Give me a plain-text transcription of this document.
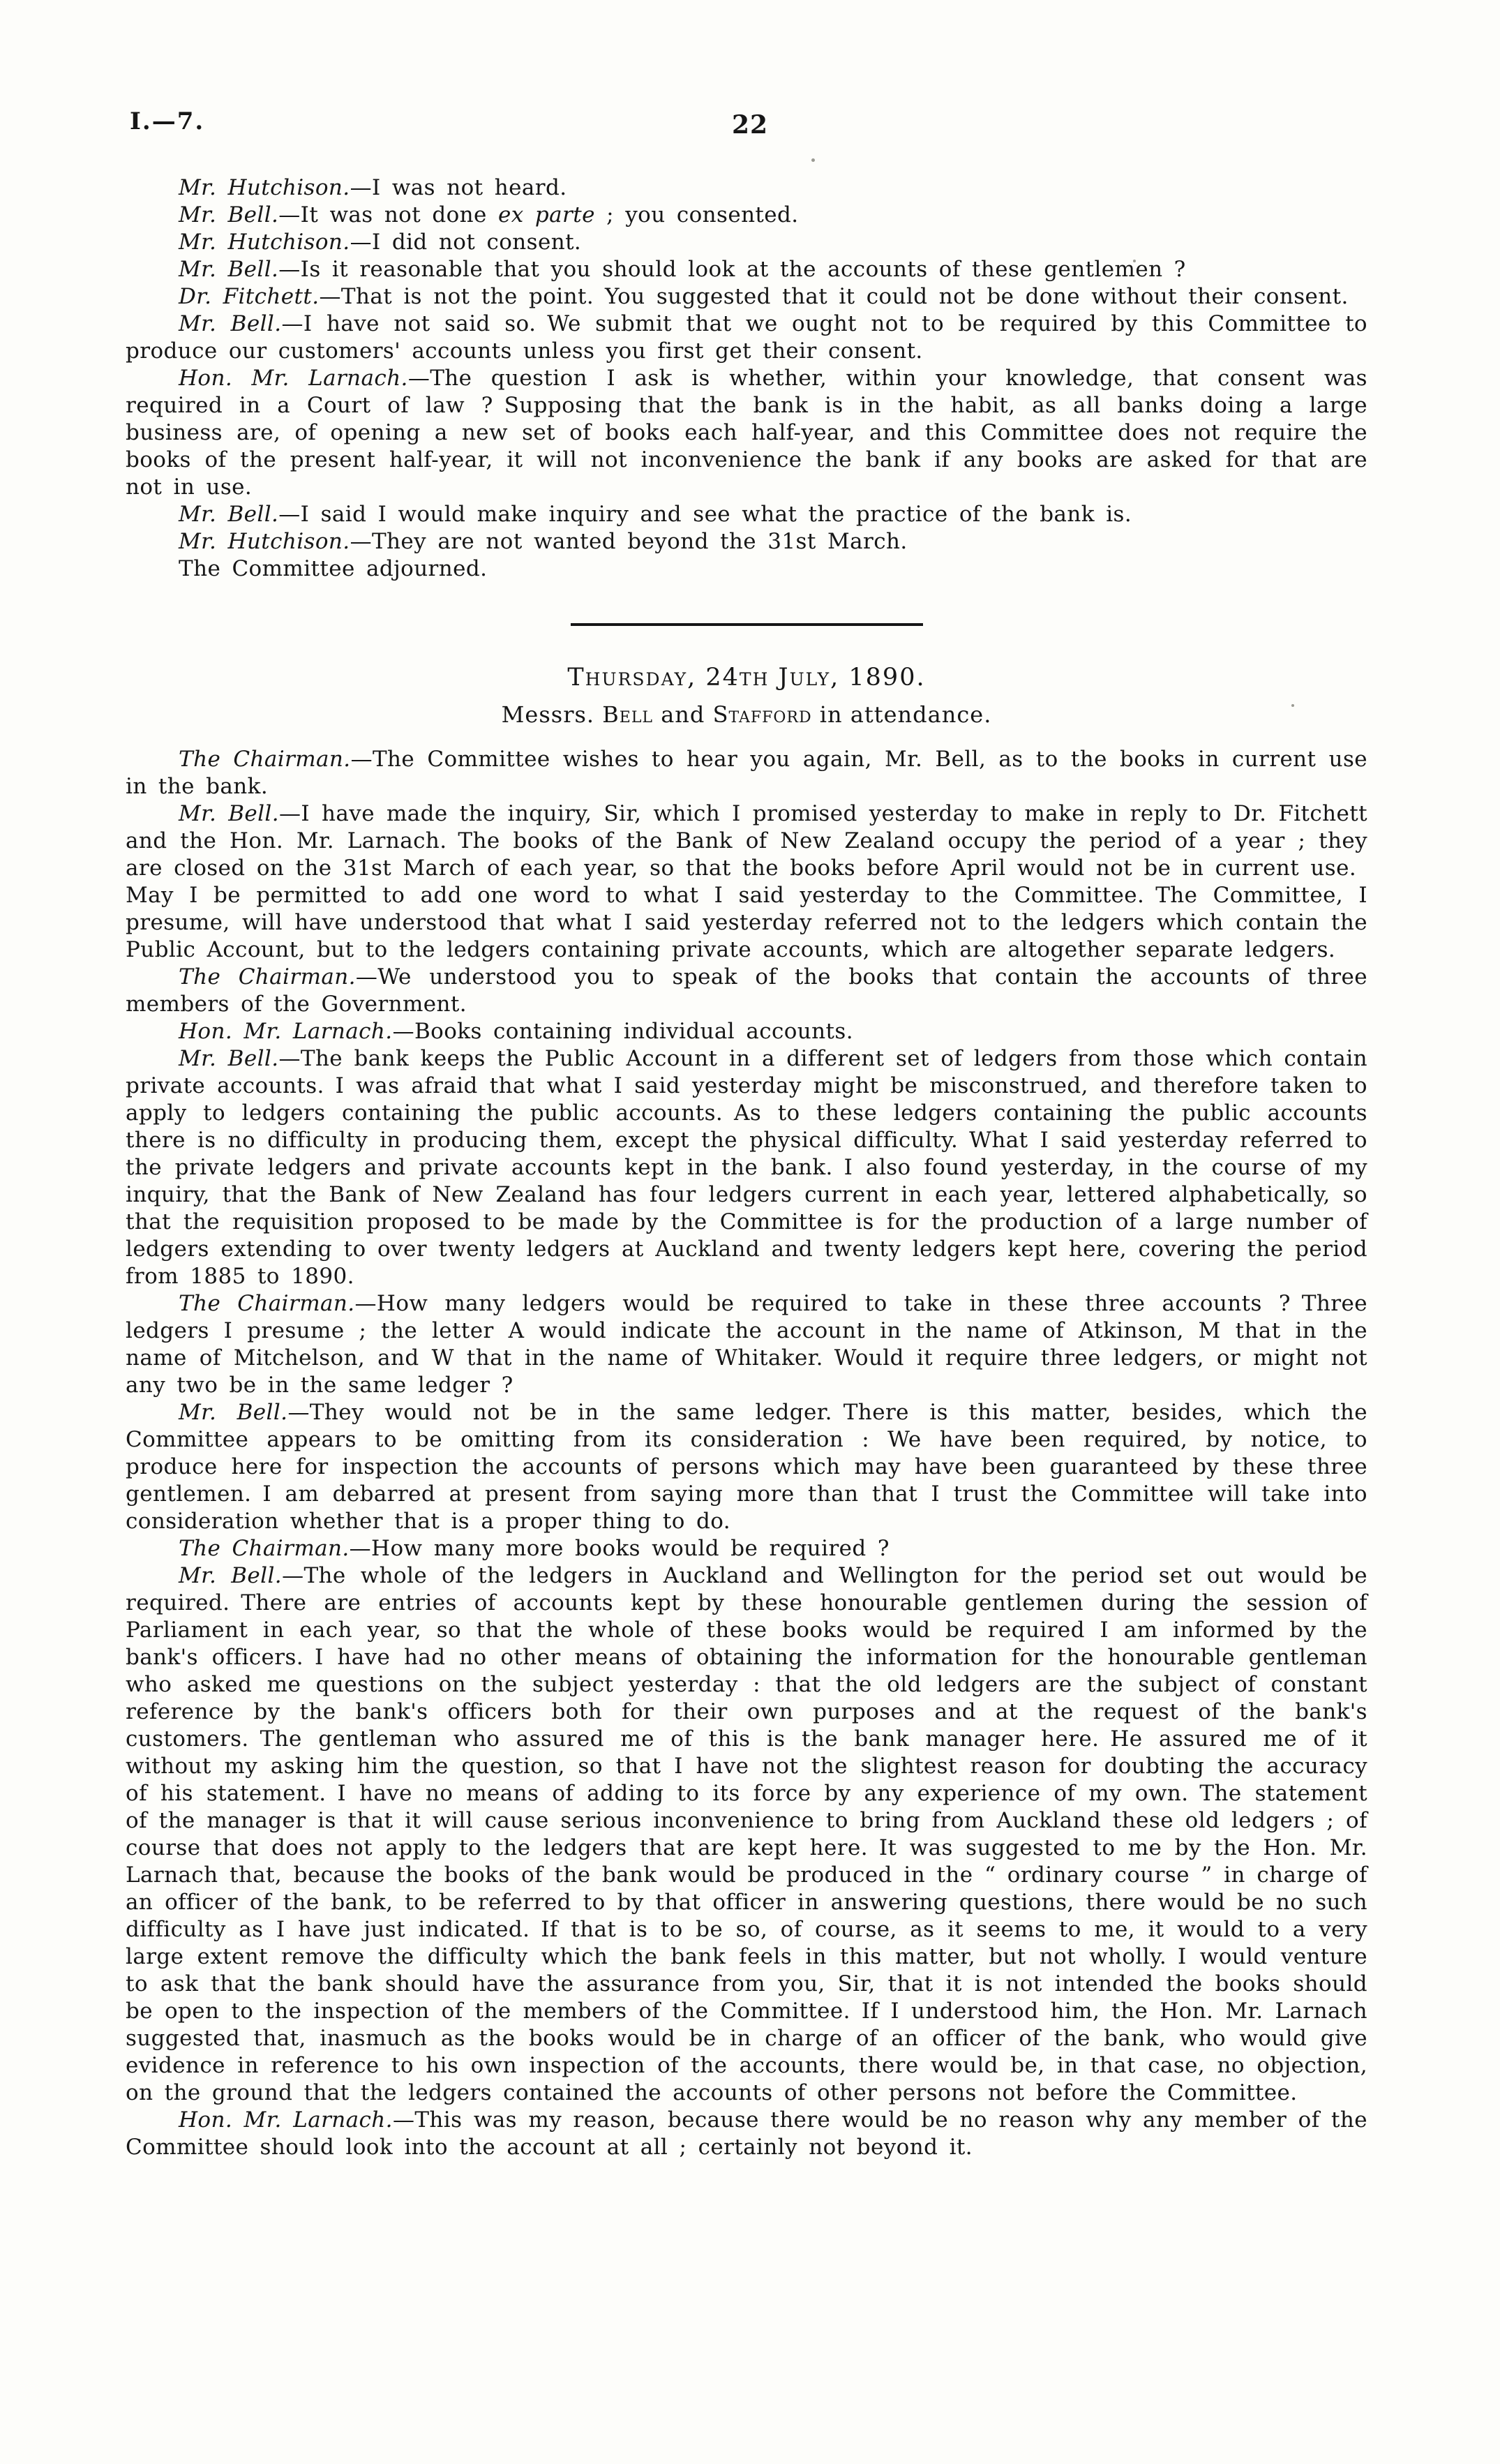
I.—7.	22

Mr. Hutchison.—I was not heard.

Mr. Bell.—It was not done ex parte ; you consented.

Mr. Hutchison.—I did not consent.

Mr. Bell.—Is it reasonable that you should look at the accounts of these gentlemen ?

Dr. Fitchett.—That is not the point. You suggested that it could not be done without their consent.

Mr. Bell.—I have not said so. We submit that we ought not to be required by this Committee to produce our customers' accounts unless you first get their consent.

Hon. Mr. Larnach.—The question I ask is whether, within your knowledge, that consent was required in a Court of law ? Supposing that the bank is in the habit, as all banks doing a large business are, of opening a new set of books each half-year, and this Committee does not require the books of the present half-year, it will not inconvenience the bank if any books are asked for that are not in use.

Mr. Bell.—I said I would make inquiry and see what the practice of the bank is.

Mr. Hutchison.—They are not wanted beyond the 31st March.

The Committee adjourned.

Thursday, 24th July, 1890.
Messrs. Bell and Stafford in attendance.

The Chairman.—The Committee wishes to hear you again, Mr. Bell, as to the books in current use in the bank.

Mr. Bell.—I have made the inquiry, Sir, which I promised yesterday to make in reply to Dr. Fitchett and the Hon. Mr. Larnach. The books of the Bank of New Zealand occupy the period of a year ; they are closed on the 31st March of each year, so that the books before April would not be in current use. May I be permitted to add one word to what I said yesterday to the Committee. The Committee, I presume, will have understood that what I said yesterday referred not to the ledgers which contain the Public Account, but to the ledgers containing private accounts, which are altogether separate ledgers.

The Chairman.—We understood you to speak of the books that contain the accounts of three members of the Government.

Hon. Mr. Larnach.—Books containing individual accounts.

Mr. Bell.—The bank keeps the Public Account in a different set of ledgers from those which contain private accounts. I was afraid that what I said yesterday might be misconstrued, and therefore taken to apply to ledgers containing the public accounts. As to these ledgers containing the public accounts there is no difficulty in producing them, except the physical difficulty. What I said yesterday referred to the private ledgers and private accounts kept in the bank. I also found yesterday, in the course of my inquiry, that the Bank of New Zealand has four ledgers current in each year, lettered alphabetically, so that the requisition proposed to be made by the Committee is for the production of a large number of ledgers extending to over twenty ledgers at Auckland and twenty ledgers kept here, covering the period from 1885 to 1890.

The Chairman.—How many ledgers would be required to take in these three accounts ? Three ledgers I presume ; the letter A would indicate the account in the name of Atkinson, M that in the name of Mitchelson, and W that in the name of Whitaker. Would it require three ledgers, or might not any two be in the same ledger ?

Mr. Bell.—They would not be in the same ledger. There is this matter, besides, which the Committee appears to be omitting from its consideration : We have been required, by notice, to produce here for inspection the accounts of persons which may have been guaranteed by these three gentlemen. I am debarred at present from saying more than that I trust the Committee will take into consideration whether that is a proper thing to do.

The Chairman.—How many more books would be required ?

Mr. Bell.—The whole of the ledgers in Auckland and Wellington for the period set out would be required. There are entries of accounts kept by these honourable gentlemen during the session of Parliament in each year, so that the whole of these books would be required I am informed by the bank's officers. I have had no other means of obtaining the information for the honourable gentleman who asked me questions on the subject yesterday : that the old ledgers are the subject of constant reference by the bank's officers both for their own purposes and at the request of the bank's customers. The gentleman who assured me of this is the bank manager here. He assured me of it without my asking him the question, so that I have not the slightest reason for doubting the accuracy of his statement. I have no means of adding to its force by any experience of my own. The statement of the manager is that it will cause serious inconvenience to bring from Auckland these old ledgers ; of course that does not apply to the ledgers that are kept here. It was suggested to me by the Hon. Mr. Larnach that, because the books of the bank would be produced in the “ ordinary course ” in charge of an officer of the bank, to be referred to by that officer in answering questions, there would be no such difficulty as I have just indicated. If that is to be so, of course, as it seems to me, it would to a very large extent remove the difficulty which the bank feels in this matter, but not wholly. I would venture to ask that the bank should have the assurance from you, Sir, that it is not intended the books should be open to the inspection of the members of the Committee. If I understood him, the Hon. Mr. Larnach suggested that, inasmuch as the books would be in charge of an officer of the bank, who would give evidence in reference to his own inspection of the accounts, there would be, in that case, no objection, on the ground that the ledgers contained the accounts of other persons not before the Committee.

Hon. Mr. Larnach.—This was my reason, because there would be no reason why any member of the Committee should look into the account at all ; certainly not beyond it.
